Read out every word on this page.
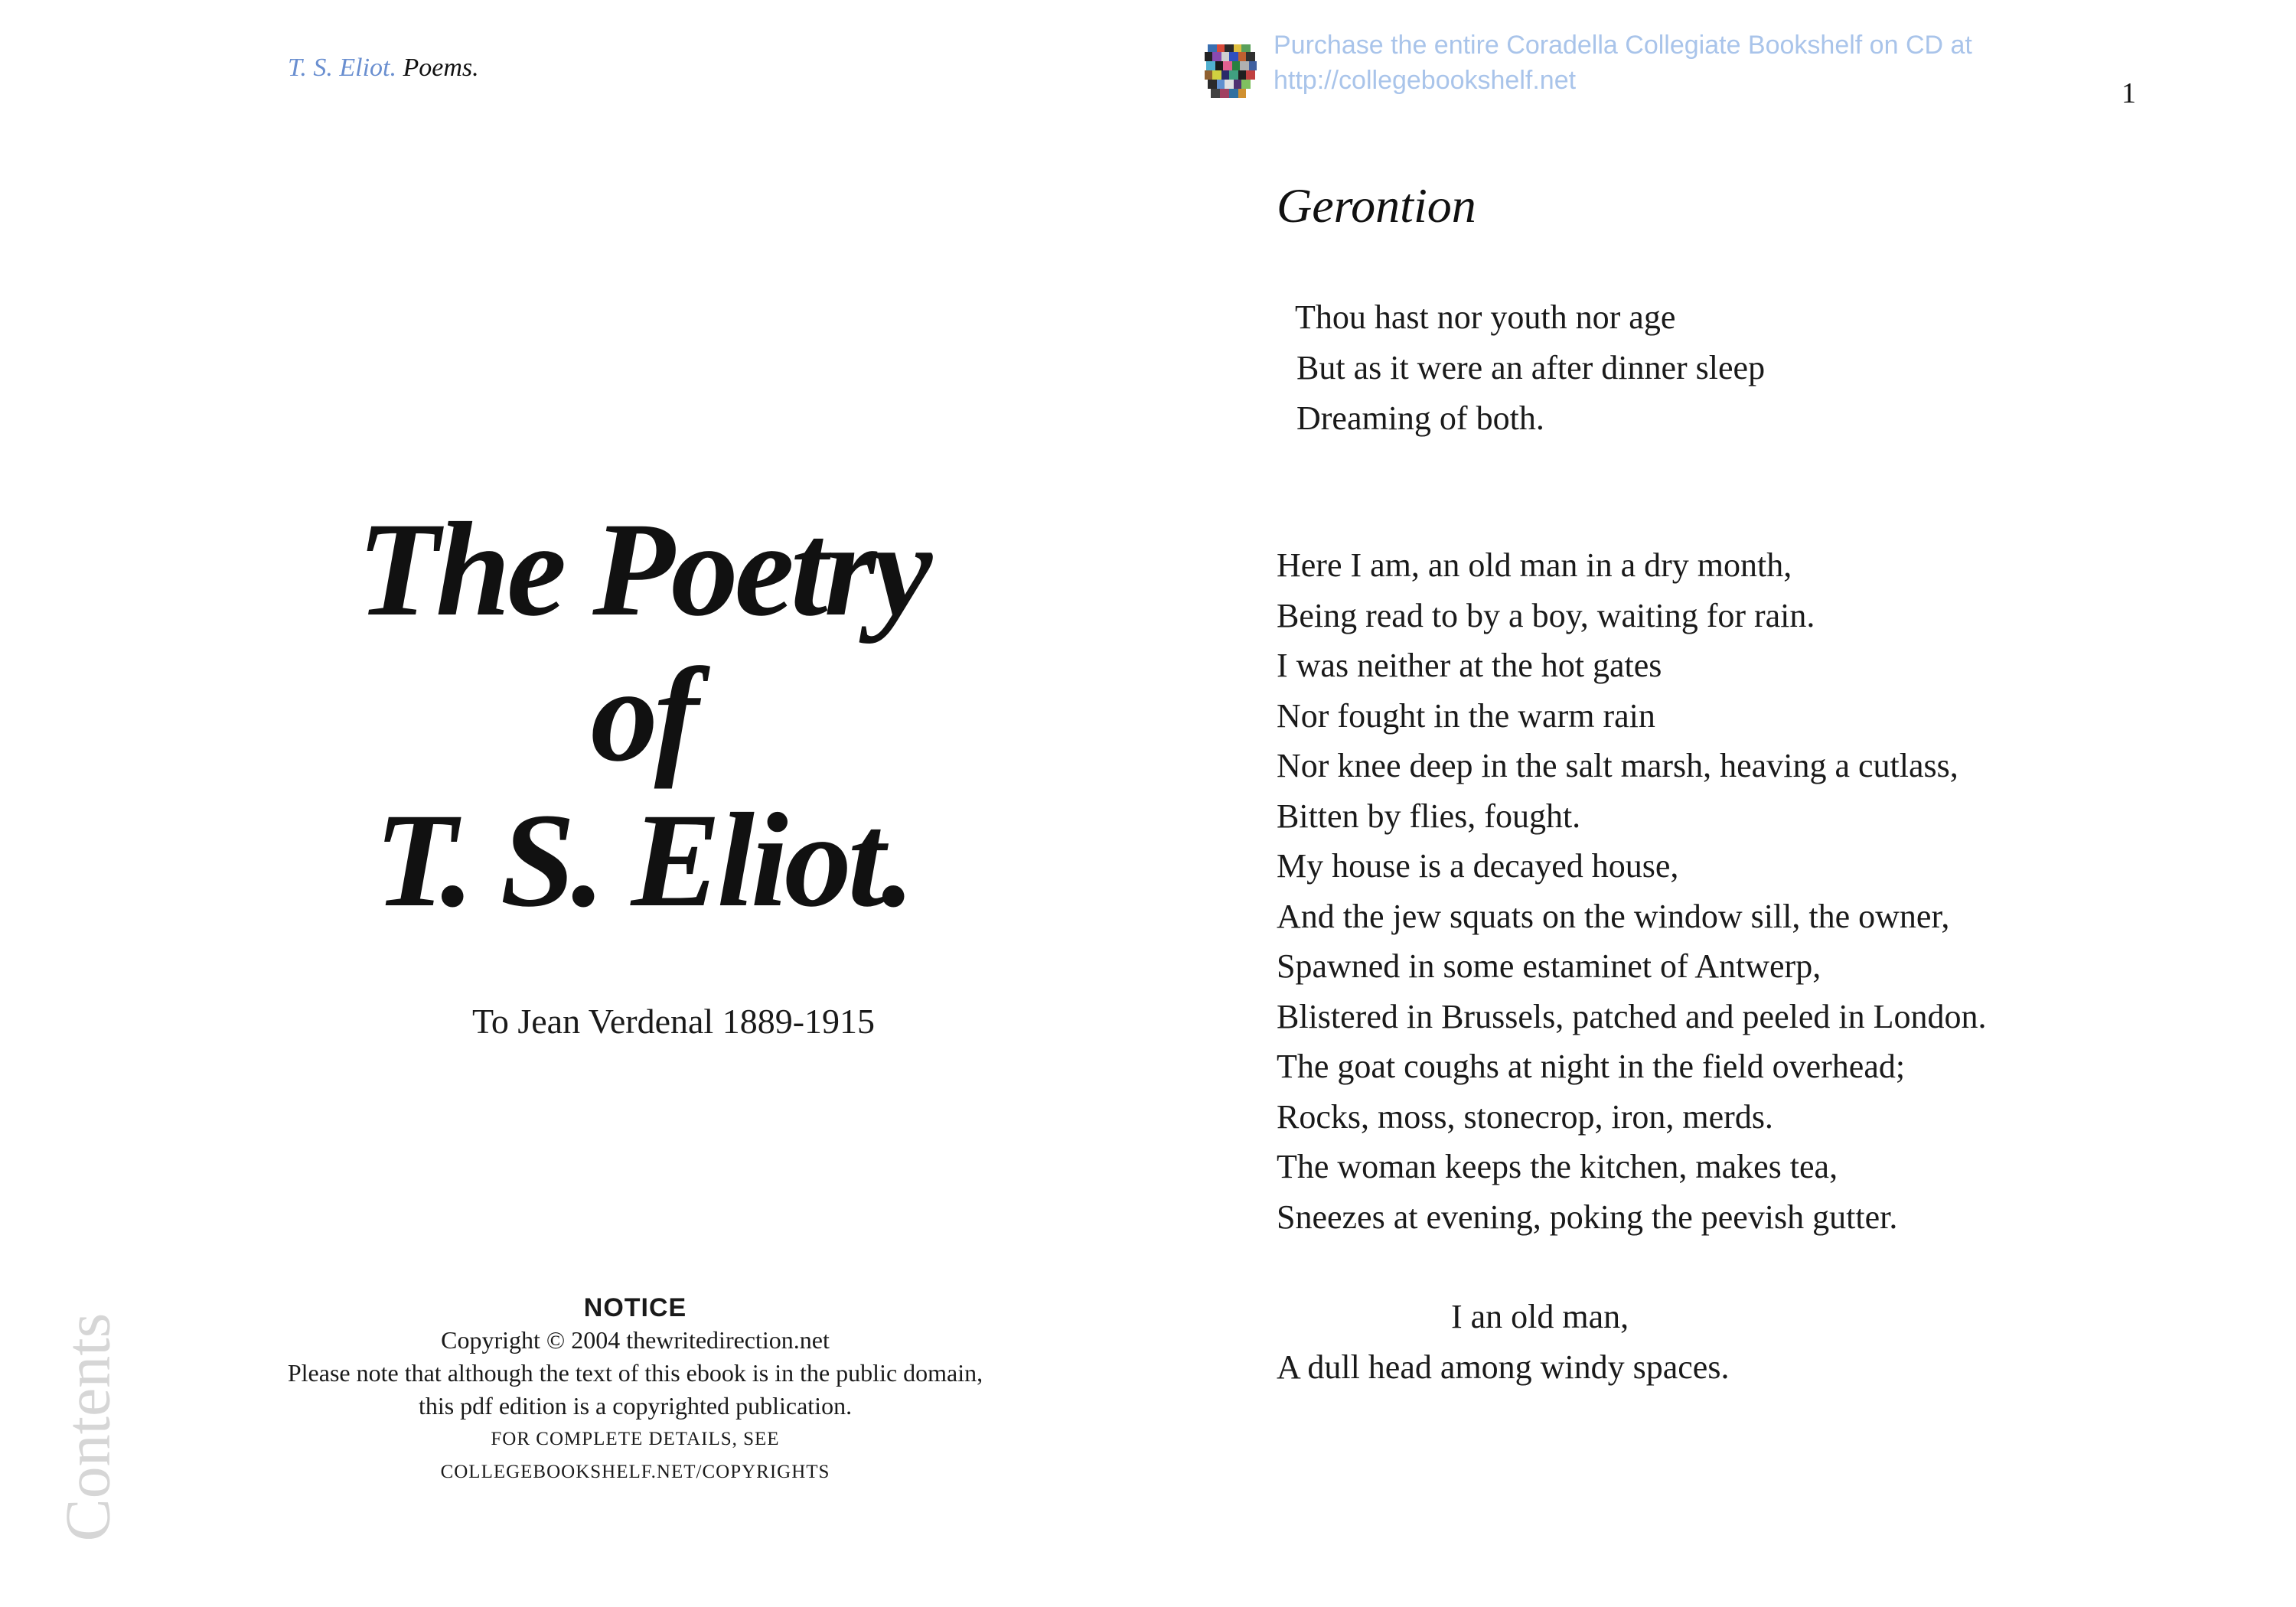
T. S. Eliot. Poems.
Purchase the entire Coradella Collegiate Bookshelf on CD at
http://collegebookshelf.net	1
The Poetry
of
T. S. Eliot.
To Jean Verdenal 1889-1915
NOTICE
Copyright © 2004 thewritedirection.net
Please note that although the text of this ebook is in the public domain,
this pdf edition is a copyrighted publication.
FOR COMPLETE DETAILS, SEE
COLLEGEBOOKSHELF.NET/COPYRIGHTS
Contents
Gerontion
Thou hast nor youth nor age
But as it were an after dinner sleep
Dreaming of both.
Here I am, an old man in a dry month,
Being read to by a boy, waiting for rain.
I was neither at the hot gates
Nor fought in the warm rain
Nor knee deep in the salt marsh, heaving a cutlass,
Bitten by flies, fought.
My house is a decayed house,
And the jew squats on the window sill, the owner,
Spawned in some estaminet of Antwerp,
Blistered in Brussels, patched and peeled in London.
The goat coughs at night in the field overhead;
Rocks, moss, stonecrop, iron, merds.
The woman keeps the kitchen, makes tea,
Sneezes at evening, poking the peevish gutter.
I an old man,
A dull head among windy spaces.
